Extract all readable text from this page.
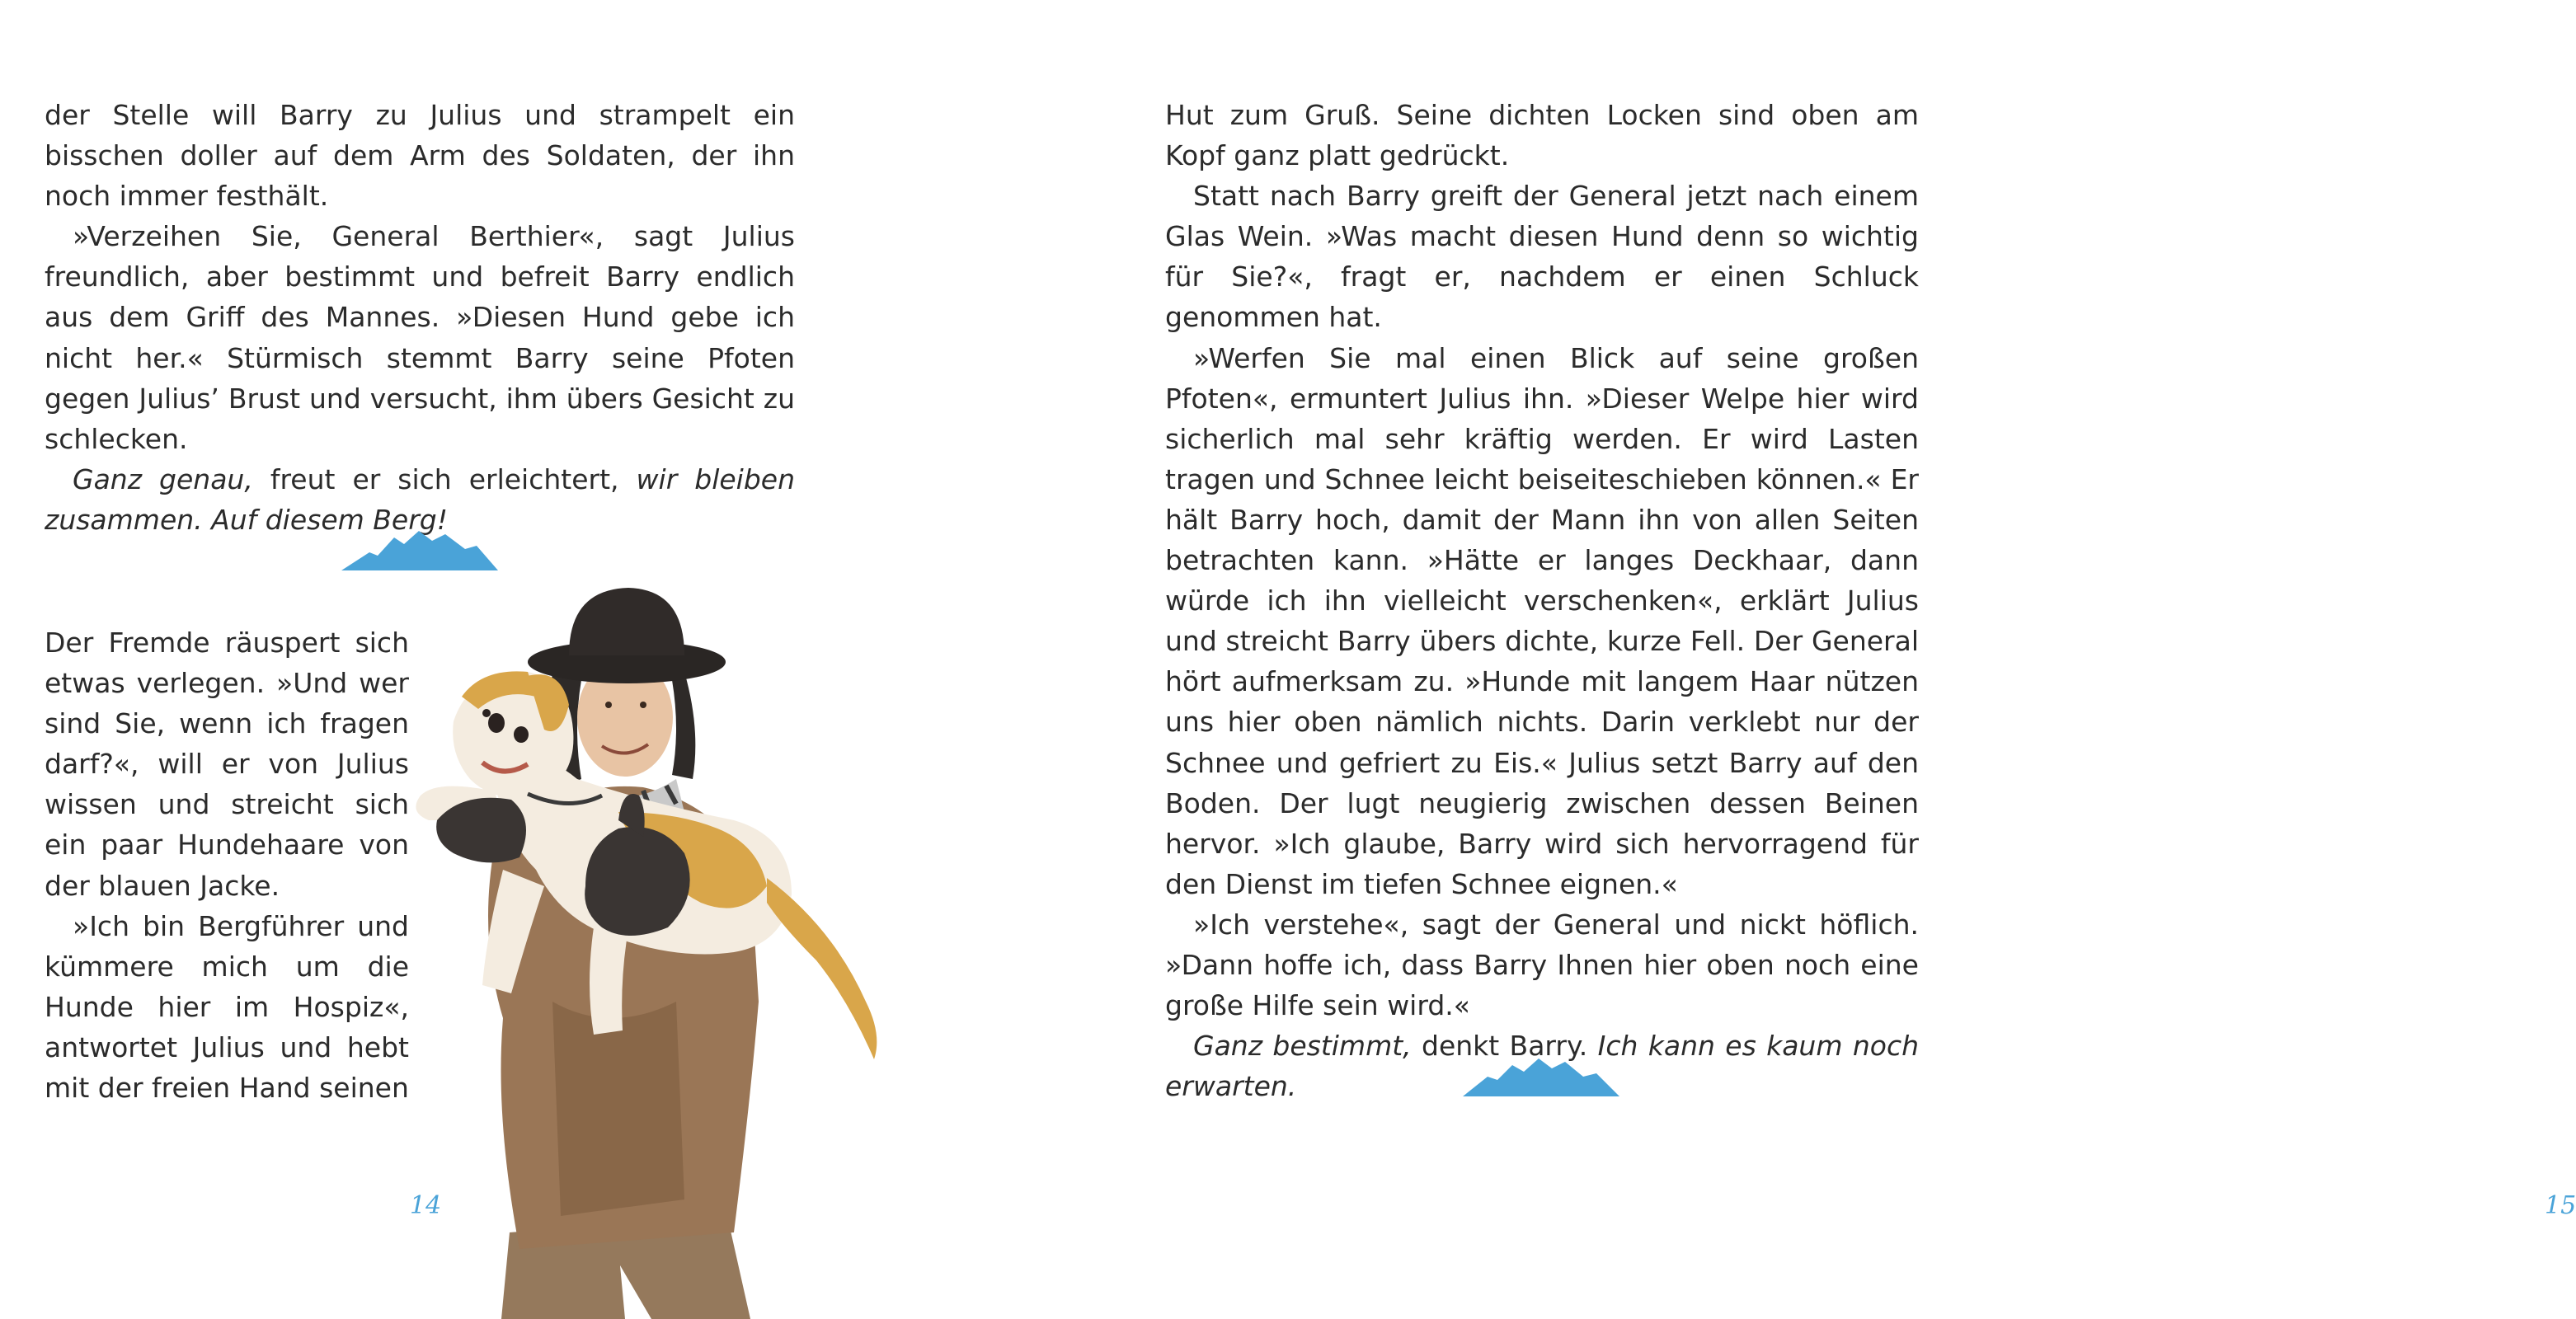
der Stelle will Barry zu Julius und strampelt ein bisschen doller auf dem Arm des Soldaten, der ihn noch immer festhält.

»Verzeihen Sie, General Berthier«, sagt Julius freundlich, aber bestimmt und befreit Barry endlich aus dem Griff des Mannes. »Diesen Hund gebe ich nicht her.« Stürmisch stemmt Barry seine Pfoten gegen Julius’ Brust und versucht, ihm übers Gesicht zu schlecken.

Ganz genau, freut er sich erleichtert, wir bleiben zusammen. Auf diesem Berg!

Der Fremde räuspert sich etwas verlegen. »Und wer sind Sie, wenn ich fragen darf?«, will er von Julius wissen und streicht sich ein paar Hundehaare von der blauen Jacke.

»Ich bin Bergführer und kümmere mich um die Hunde hier im Hospiz«, antwortet Julius und hebt mit der freien Hand seinen

14

Hut zum Gruß. Seine dichten Locken sind oben am Kopf ganz platt gedrückt.

Statt nach Barry greift der General jetzt nach einem Glas Wein. »Was macht diesen Hund denn so wichtig für Sie?«, fragt er, nachdem er einen Schluck genommen hat.

»Werfen Sie mal einen Blick auf seine großen Pfoten«, ermuntert Julius ihn. »Dieser Welpe hier wird sicherlich mal sehr kräftig werden. Er wird Lasten tragen und Schnee leicht beiseiteschieben können.« Er hält Barry hoch, damit der Mann ihn von allen Seiten betrachten kann. »Hätte er langes Deckhaar, dann würde ich ihn vielleicht verschenken«, erklärt Julius und streicht Barry übers dichte, kurze Fell. Der General hört aufmerksam zu. »Hunde mit langem Haar nützen uns hier oben nämlich nichts. Darin verklebt nur der Schnee und gefriert zu Eis.« Julius setzt Barry auf den Boden. Der lugt neugierig zwischen dessen Beinen hervor. »Ich glaube, Barry wird sich hervorragend für den Dienst im tiefen Schnee eignen.«

»Ich verstehe«, sagt der General und nickt höflich. »Dann hoffe ich, dass Barry Ihnen hier oben noch eine große Hilfe sein wird.«

Ganz bestimmt, denkt Barry. Ich kann es kaum noch erwarten.

15
